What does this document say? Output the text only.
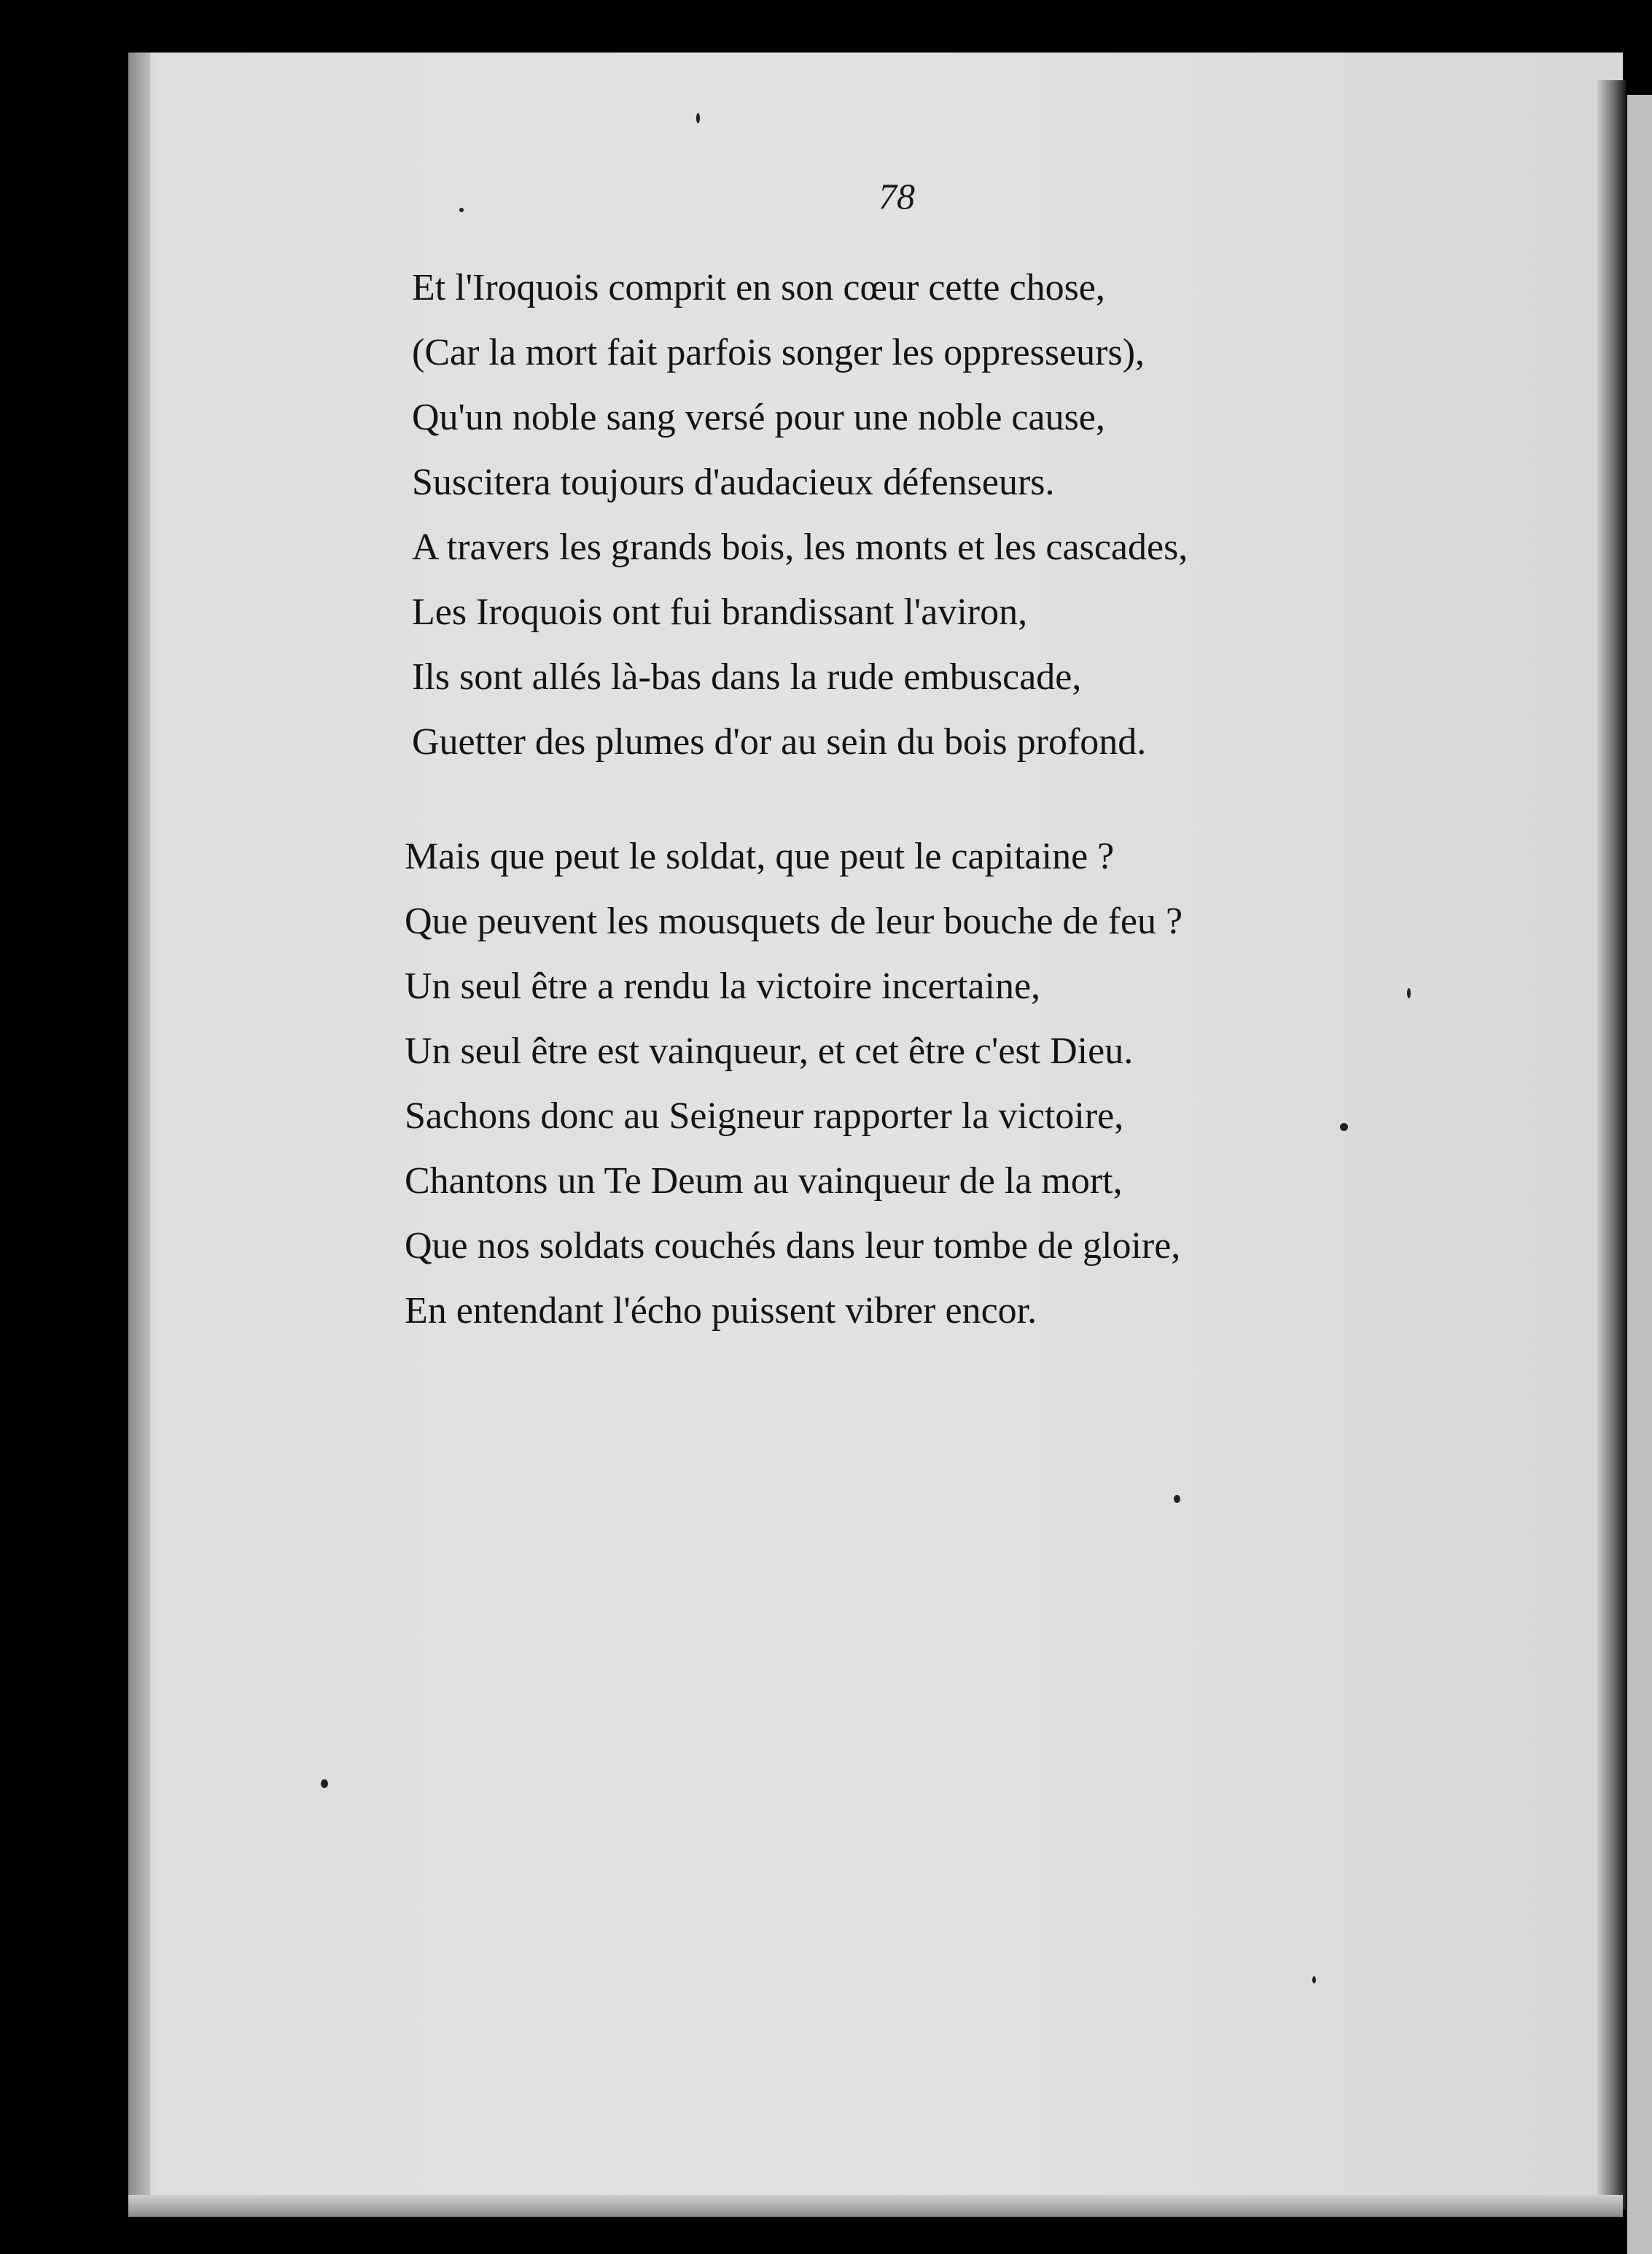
78
Et l'Iroquois comprit en son cœur cette chose,
(Car la mort fait parfois songer les oppresseurs),
Qu'un noble sang versé pour une noble cause,
Suscitera toujours d'audacieux défenseurs.
A travers les grands bois, les monts et les cascades,
Les Iroquois ont fui brandissant l'aviron,
Ils sont allés là-bas dans la rude embuscade,
Guetter des plumes d'or au sein du bois profond.
Mais que peut le soldat, que peut le capitaine ?
Que peuvent les mousquets de leur bouche de feu ?
Un seul être a rendu la victoire incertaine,
Un seul être est vainqueur, et cet être c'est Dieu.
Sachons donc au Seigneur rapporter la victoire,
Chantons un Te Deum au vainqueur de la mort,
Que nos soldats couchés dans leur tombe de gloire,
En entendant l'écho puissent vibrer encor.
